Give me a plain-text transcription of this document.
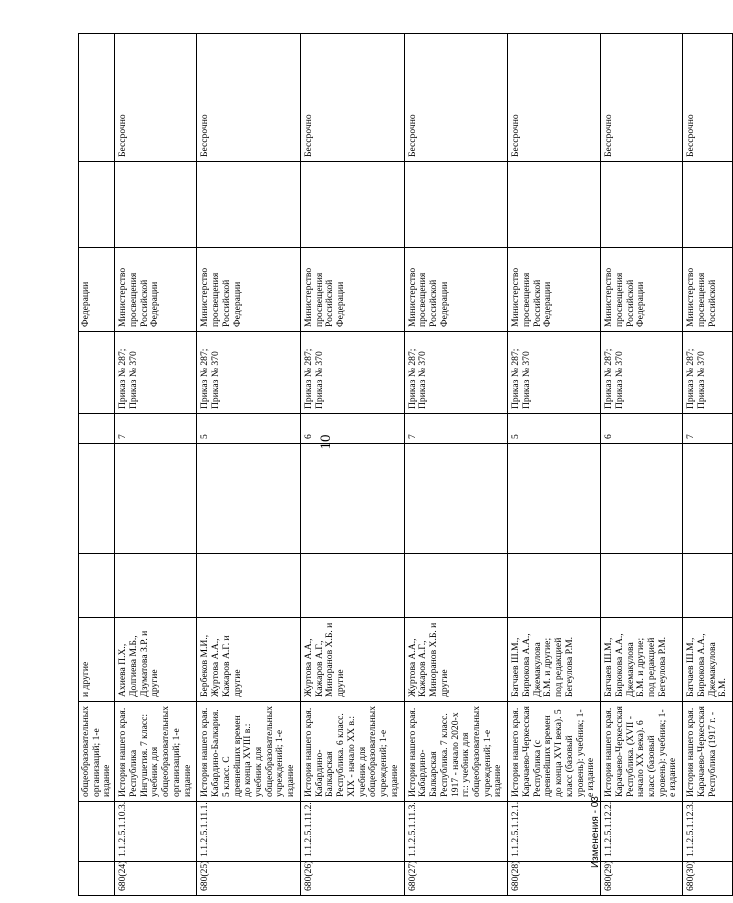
10
		общеобразовательных организаций; 1-е издание	и другие					Федерации		
680(24)	1.1.2.5.1.10.3.	История нашего края. Республика Ингушетия. 7 класс: учебник для общеобразовательных организаций; 1-е издание	Ахиева П.Х., Долгиева М.Б., Дзуматова З.Р. и другие			7	Приказ № 287; Приказ № 370	Министерство просвещения Российской Федерации		Бессрочно
680(25)	1.1.2.5.1.11.1.	История нашего края. Кабардино-Балкария. 5 класс. С древнейших времен до конца XVIII в.: учебник для общеобразовательных учреждений; 1-е издание	Бербеков М.И., Журтова А.А., Кажаров А.Г. и другие			5	Приказ № 287; Приказ № 370	Министерство просвещения Российской Федерации		Бессрочно
680(26)	1.1.2.5.1.11.2.	История нашего края. Кабардино-Балкарская Республика. 6 класс. XIX - начало XX в.: учебник для общеобразовательных учреждений; 1-е издание	Журтова А.А., Кажаров А.Г., Миноранов Х.Б. и другие			6	Приказ № 287; Приказ № 370	Министерство просвещения Российской Федерации		Бессрочно
680(27)	1.1.2.5.1.11.3.	История нашего края. Кабардино-Балкарская Республика. 7 класс. 1917 - начало 2020-х гг.: учебник для общеобразовательных учреждений; 1-е издание	Журтова А.А., Кажаров А.Г., Миноранов Х.Б. и другие			7	Приказ № 287; Приказ № 370	Министерство просвещения Российской Федерации		Бессрочно
680(28)	1.1.2.5.1.12.1.	История нашего края. Карачаево-Черкесская Республика (с древнейших времен до конца XVI века). 5 класс (базовый уровень): учебник; 1-е издание	Батчаев Ш.М., Бирюкова А.А., Джемакулова Б.М. и другие; под редакцией Бегеулова Р.М.			5	Приказ № 287; Приказ № 370	Министерство просвещения Российской Федерации		Бессрочно
680(29)	1.1.2.5.1.12.2.	История нашего края. Карачаево-Черкесская Республика. (XVII - начало XX века). 6 класс (базовый уровень): учебник; 1-е издание	Батчаев Ш.М., Бирюкова А.А., Джемакулова Б.М. и другие; под редакцией Бегеулова Р.М.			6	Приказ № 287; Приказ № 370	Министерство просвещения Российской Федерации		Бессрочно
680(30)	1.1.2.5.1.12.3.	История нашего края. Карачаево-Черкесская Республика (1917 г. -	Батчаев Ш.М., Бирюкова А.А., Джемакулова Б.М.			7	Приказ № 287; Приказ № 370	Министерство просвещения Российской		Бессрочно
Изменения - 03
